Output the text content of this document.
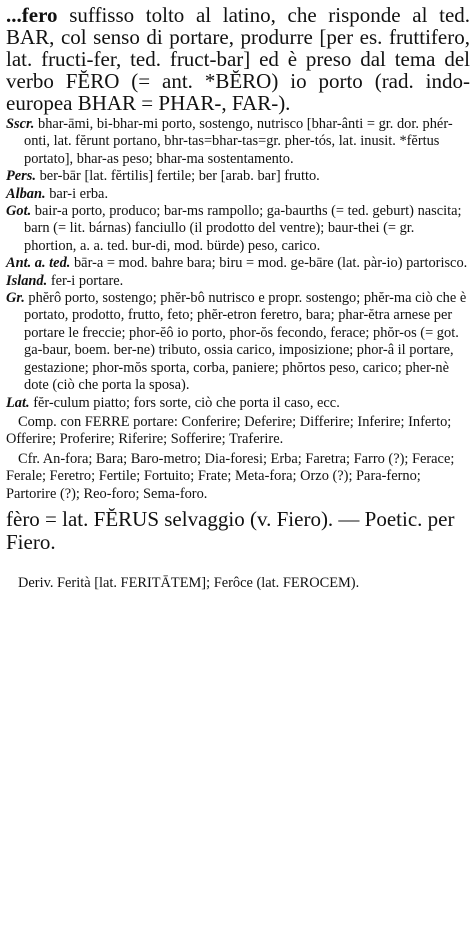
...fero suffisso tolto al latino, che risponde al ted. BAR, col senso di portare, produrre [per es. fruttifero, lat. fructi-fer, ted. fruct-bar] ed è preso dal tema del verbo FĔRO (= ant. *BĔRO) io porto (rad. indo-europea BHAR = PHAR-, FAR-).

Sscr. bhar-āmi, bi-bhar-mi porto, sostengo, nutrisco [bhar-ânti = gr. dor. phér-onti, lat. fĕrunt portano, bhr-tas=bhar-tas=gr. pher-tós, lat. inusit. *fĕrtus portato], bhar-as peso; bhar-ma sostentamento.

Pers. ber-bār [lat. fĕrtilis] fertile; ber [arab. bar] frutto.

Alban. bar-i erba.

Got. bair-a porto, produco; bar-ms rampollo; ga-baurths (= ted. geburt) nascita; barn (= lit. bárnas) fanciullo (il prodotto del ventre); baur-thei (= gr. phortion, a. a. ted. bur-di, mod. bürde) peso, carico.

Ant. a. ted. bār-a = mod. bahre bara; biru = mod. ge-bāre (lat. pàr-io) partorisco.

Island. fer-i portare.

Gr. phĕrô porto, sostengo; phĕr-bô nutrisco e propr. sostengo; phĕr-ma ciò che è portato, prodotto, frutto, feto; phĕr-etron feretro, bara; phar-ĕtra arnese per portare le freccie; phor-ĕô io porto, phor-ŏs fecondo, ferace; phŏr-os (= got. ga-baur, boem. ber-ne) tributo, ossia carico, imposizione; phor-â il portare, gestazione; phor-mŏs sporta, corba, paniere; phŏrtos peso, carico; pher-nè dote (ciò che porta la sposa).

Lat. fĕr-culum piatto; fors sorte, ciò che porta il caso, ecc.

Comp. con FERRE portare: Conferire; Deferire; Differire; Inferire; Inferto; Offerire; Proferire; Riferire; Sofferire; Traferire.

Cfr. An-fora; Bara; Baro-metro; Dia-foresi; Erba; Faretra; Farro (?); Ferace; Ferale; Feretro; Fertile; Fortuito; Frate; Meta-fora; Orzo (?); Para-ferno; Partorire (?); Reo-foro; Sema-foro.

fèro = lat. FĔRUS selvaggio (v. Fiero). — Poetic. per Fiero.

Deriv. Ferità [lat. FERITĀTEM]; Ferôce (lat. FEROCEM).
